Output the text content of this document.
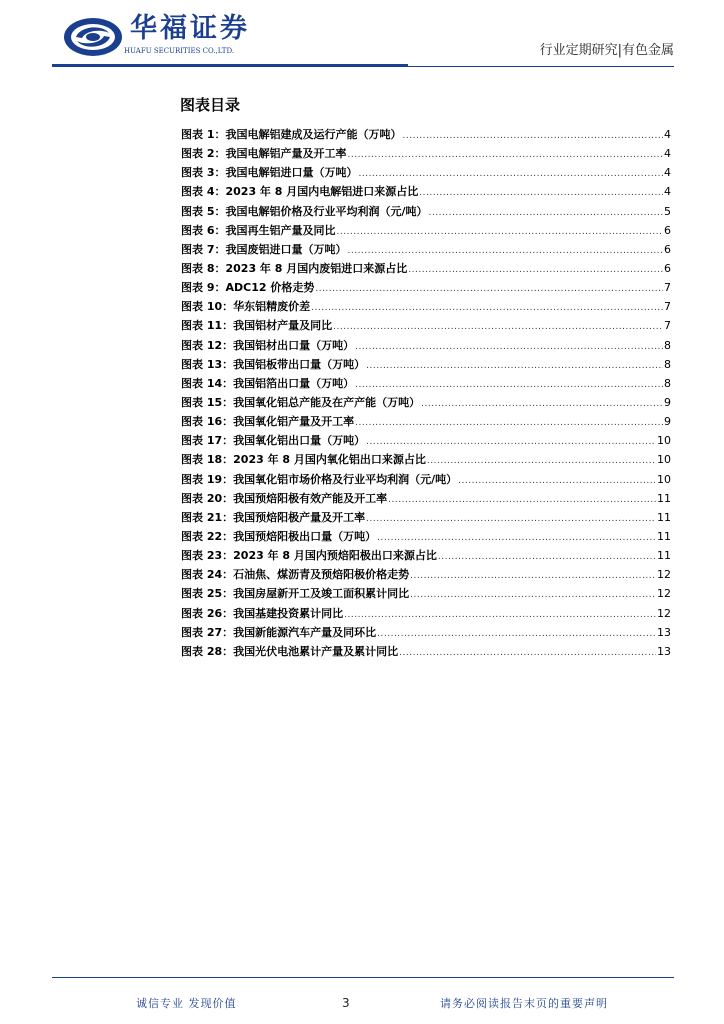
华福证券
HUAFU SECURITIES CO.,LTD.	行业定期研究|有色金属
图表目录
图表 1：我国电解铝建成及运行产能（万吨） .....	4
图表 2：我国电解铝产量及开工率 .....	4
图表 3：我国电解铝进口量（万吨） .....	4
图表 4：2023 年 8 月国内电解铝进口来源占比 .....	4
图表 5：我国电解铝价格及行业平均利润（元/吨） .....	5
图表 6：我国再生铝产量及同比 .....	6
图表 7：我国废铝进口量（万吨） .....	6
图表 8：2023 年 8 月国内废铝进口来源占比 .....	6
图表 9：ADC12 价格走势 .....	7
图表 10：华东铝精废价差 .....	7
图表 11：我国铝材产量及同比 .....	7
图表 12：我国铝材出口量（万吨） .....	8
图表 13：我国铝板带出口量（万吨） .....	8
图表 14：我国铝箔出口量（万吨） .....	8
图表 15：我国氧化铝总产能及在产产能（万吨） .....	9
图表 16：我国氧化铝产量及开工率 .....	9
图表 17：我国氧化铝出口量（万吨） .....	10
图表 18：2023 年 8 月国内氧化铝出口来源占比 .....	10
图表 19：我国氧化铝市场价格及行业平均利润（元/吨） .....	10
图表 20：我国预焙阳极有效产能及开工率 .....	11
图表 21：我国预焙阳极产量及开工率 .....	11
图表 22：我国预焙阳极出口量（万吨） .....	11
图表 23：2023 年 8 月国内预焙阳极出口来源占比 .....	11
图表 24：石油焦、煤沥青及预焙阳极价格走势 .....	12
图表 25：我国房屋新开工及竣工面积累计同比 .....	12
图表 26：我国基建投资累计同比 .....	12
图表 27：我国新能源汽车产量及同环比 .....	13
图表 28：我国光伏电池累计产量及累计同比 .....	13
诚信专业 发现价值	3	请务必阅读报告末页的重要声明
